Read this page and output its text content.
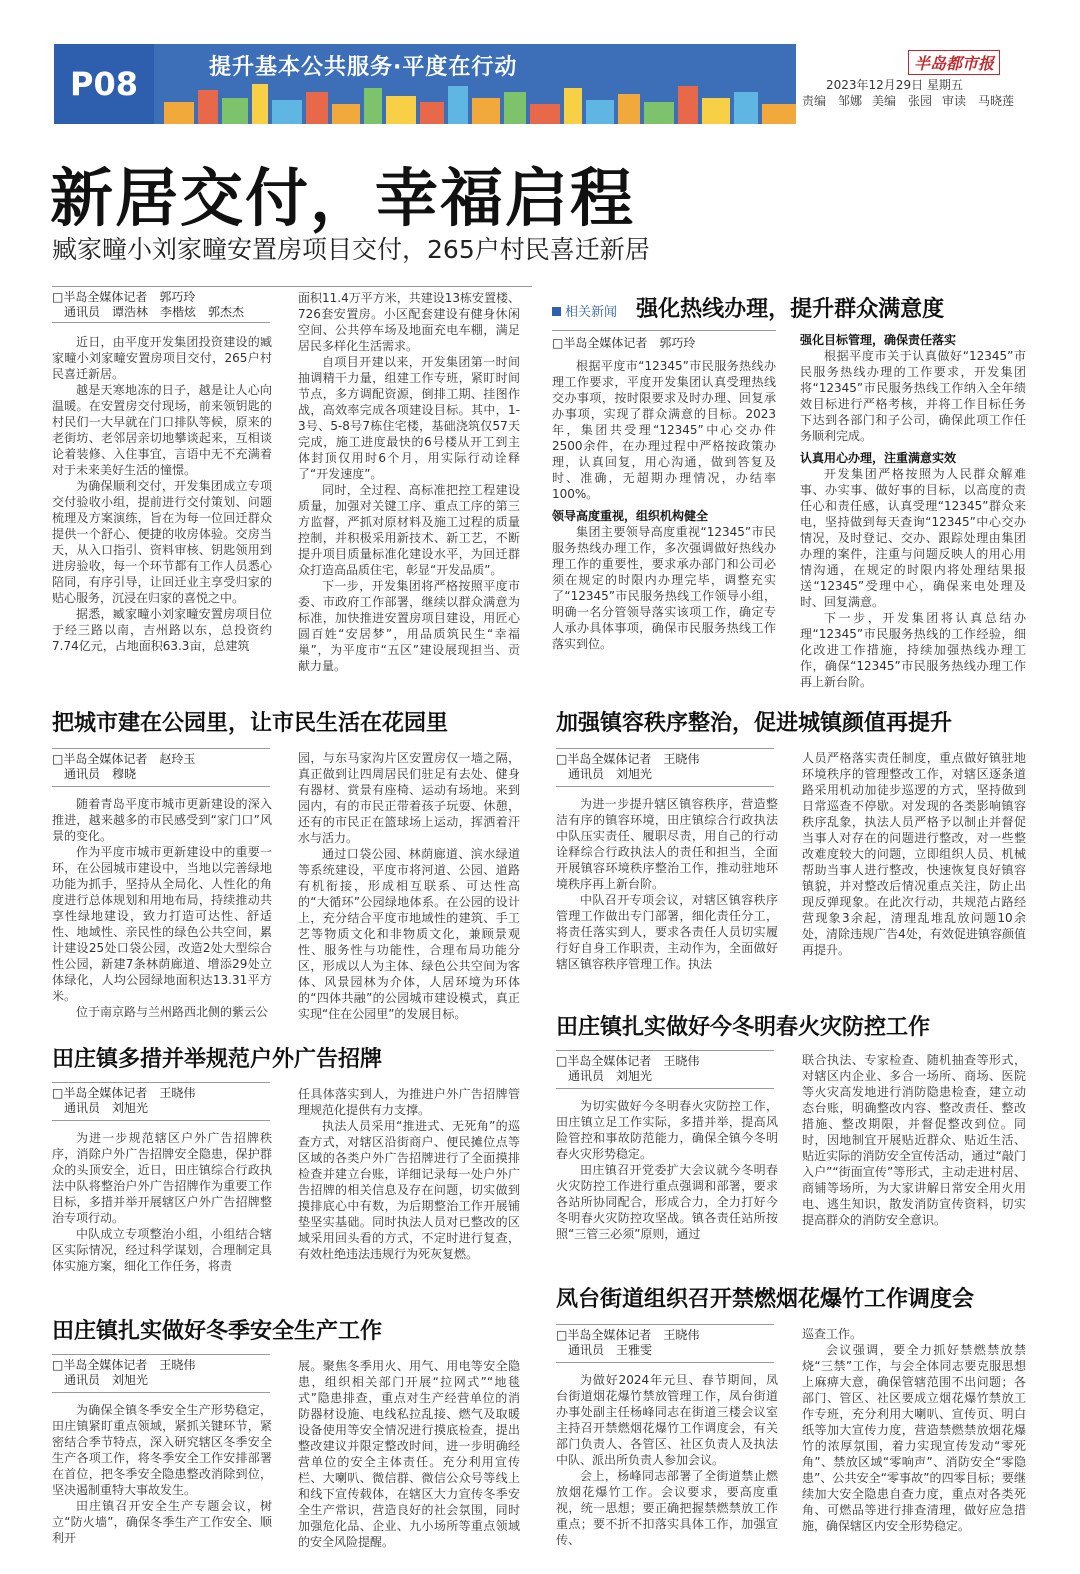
P08	提升基本公共服务·平度在行动	半岛都市报
2023年12月29日 星期五
责编　邹娜 美编　张园 审读　马晓莲
新居交付，幸福启程
臧家疃小刘家疃安置房项目交付，265户村民喜迁新居
□半岛全媒体记者　郭巧玲
　通讯员　谭浩林　李楷炫　郭杰杰

近日，由平度开发集团投资建设的臧家疃小刘家疃安置房项目交付，265户村民喜迁新居。

越是天寒地冻的日子，越是让人心向温暖。在安置房交付现场，前来领钥匙的村民们一大早就在门口排队等候，原来的老街坊、老邻居亲切地攀谈起来，互相谈论着装修、入住事宜，言语中无不充满着对于未来美好生活的憧憬。

为确保顺利交付，开发集团成立专项交付验收小组，提前进行交付策划、问题梳理及方案演练，旨在为每一位回迁群众提供一个舒心、便捷的收房体验。交房当天，从入口指引、资料审核、钥匙领用到进房验收，每一个环节都有工作人员悉心陪同，有序引导，让回迁业主享受归家的贴心服务，沉浸在归家的喜悦之中。

据悉，臧家疃小刘家疃安置房项目位于经三路以南，吉州路以东，总投资约7.74亿元，占地面积63.3亩，总建筑

面积11.4万平方米，共建设13栋安置楼、726套安置房。小区配套建设有健身休闲空间、公共停车场及地面充电车棚，满足居民多样化生活需求。

自项目开建以来，开发集团第一时间抽调精干力量，组建工作专班，紧盯时间节点，多方调配资源，倒排工期、挂图作战，高效率完成各项建设目标。其中，1-3号、5-8号7栋住宅楼，基础浇筑仅57天完成，施工进度最快的6号楼从开工到主体封顶仅用时6个月，用实际行动诠释了“开发速度”。

同时，全过程、高标准把控工程建设质量，加强对关键工序、重点工序的第三方监督，严抓对原材料及施工过程的质量控制，并积极采用新技术、新工艺，不断提升项目质量标准化建设水平，为回迁群众打造高品质住宅，彰显“开发品质”。

下一步，开发集团将严格按照平度市委、市政府工作部署，继续以群众满意为标准，加快推进安置房项目建设，用匠心圆百姓“安居梦”，用品质筑民生“幸福巢”，为平度市“五区”建设展现担当、贡献力量。

相关新闻 强化热线办理，提升群众满意度
□半岛全媒体记者　郭巧玲

根据平度市“12345”市民服务热线办理工作要求，平度开发集团认真受理热线交办事项，按时限要求及时办理、回复承办事项，实现了群众满意的目标。2023年，集团共受理“12345”中心交办件2500余件，在办理过程中严格按政策办理，认真回复，用心沟通，做到答复及时、准确，无超期办理情况，办结率100%。

领导高度重视，组织机构健全

集团主要领导高度重视“12345”市民服务热线办理工作，多次强调做好热线办理工作的重要性，要求承办部门和公司必须在规定的时限内办理完毕，调整充实了“12345”市民服务热线工作领导小组，明确一名分管领导落实该项工作，确定专人承办具体事项，确保市民服务热线工作落实到位。

强化目标管理，确保责任落实

根据平度市关于认真做好“12345”市民服务热线办理的工作要求，开发集团将“12345”市民服务热线工作纳入全年绩效目标进行严格考核，并将工作目标任务下达到各部门和子公司，确保此项工作任务顺利完成。

认真用心办理，注重满意实效

开发集团严格按照为人民群众解难事、办实事、做好事的目标，以高度的责任心和责任感，认真受理“12345”群众来电，坚持做到每天查询“12345”中心交办情况，及时登记、交办、跟踪处理由集团办理的案件，注重与问题反映人的用心用情沟通，在规定的时限内将处理结果报送“12345”受理中心，确保来电处理及时、回复满意。

下一步，开发集团将认真总结办理“12345”市民服务热线的工作经验，细化改进工作措施，持续加强热线办理工作，确保“12345”市民服务热线办理工作再上新台阶。

把城市建在公园里，让市民生活在花园里
□半岛全媒体记者　赵玲玉
　通讯员　穆晓

随着青岛平度市城市更新建设的深入推进，越来越多的市民感受到“家门口”风景的变化。

作为平度市城市更新建设中的重要一环，在公园城市建设中，当地以完善绿地功能为抓手，坚持从全局化、人性化的角度进行总体规划和用地布局，持续推动共享性绿地建设，致力打造可达性、舒适性、地域性、亲民性的绿色公共空间，累计建设25处口袋公园，改造2处大型综合性公园，新建7条林荫廊道、增添29处立体绿化，人均公园绿地面积达13.31平方米。

位于南京路与兰州路西北侧的紫云公

园，与东马家沟片区安置房仅一墙之隔，真正做到让四周居民们驻足有去处、健身有器材、赏景有座椅、运动有场地。来到园内，有的市民正带着孩子玩耍、休憩，还有的市民正在篮球场上运动，挥洒着汗水与活力。

通过口袋公园、林荫廊道、滨水绿道等系统建设，平度市将河道、公园、道路有机衔接，形成相互联系、可达性高的“大循环”公园绿地体系。在公园的设计上，充分结合平度市地域性的建筑、手工艺等物质文化和非物质文化，兼顾景观性、服务性与功能性，合理布局功能分区，形成以人为主体、绿色公共空间为客体、风景园林为介体，人居环境为环体的“四体共融”的公园城市建设模式，真正实现“住在公园里”的发展目标。

加强镇容秩序整治，促进城镇颜值再提升
□半岛全媒体记者　王晓伟
　通讯员　刘旭光

为进一步提升辖区镇容秩序，营造整洁有序的镇容环境，田庄镇综合行政执法中队压实责任、履职尽责，用自己的行动诠释综合行政执法人的责任和担当，全面开展镇容环境秩序整治工作，推动驻地环境秩序再上新台阶。

中队召开专项会议，对辖区镇容秩序管理工作做出专门部署，细化责任分工，将责任落实到人，要求各责任人员切实履行好自身工作职责，主动作为，全面做好辖区镇容秩序管理工作。执法

人员严格落实责任制度，重点做好镇驻地环境秩序的管理整改工作，对辖区逐条道路采用机动加徒步巡逻的方式，坚持做到日常巡查不停歇。对发现的各类影响镇容秩序乱象，执法人员严格予以制止并督促当事人对存在的问题进行整改，对一些整改难度较大的问题，立即组织人员、机械帮助当事人进行整改，快速恢复良好镇容镇貌，并对整改后情况重点关注，防止出现反弹现象。在此次行动，共规范占路经营现象3余起，清理乱堆乱放问题10余处，清除违规广告4处，有效促进镇容颜值再提升。

田庄镇多措并举规范户外广告招牌
□半岛全媒体记者　王晓伟
　通讯员　刘旭光

为进一步规范辖区户外广告招牌秩序，消除户外广告招牌安全隐患，保护群众的头顶安全，近日，田庄镇综合行政执法中队将整治户外广告招牌作为重要工作目标，多措并举开展辖区户外广告招牌整治专项行动。

中队成立专项整治小组，小组结合辖区实际情况，经过科学谋划，合理制定具体实施方案，细化工作任务，将责

任具体落实到人，为推进户外广告招牌管理规范化提供有力支撑。

执法人员采用“推进式、无死角”的巡查方式，对辖区沿街商户、便民摊位点等区域的各类户外广告招牌进行了全面摸排检查并建立台账，详细记录每一处户外广告招牌的相关信息及存在问题，切实做到摸排底心中有数，为后期整治工作开展铺垫坚实基础。同时执法人员对已整改的区域采用回头看的方式，不定时进行复查，有效杜绝违法违规行为死灰复燃。

田庄镇扎实做好今冬明春火灾防控工作
□半岛全媒体记者　王晓伟
　通讯员　刘旭光

为切实做好今冬明春火灾防控工作，田庄镇立足工作实际，多措并举，提高风险管控和事故防范能力，确保全镇今冬明春火灾形势稳定。

田庄镇召开党委扩大会议就今冬明春火灾防控工作进行重点强调和部署，要求各站所协同配合，形成合力，全力打好今冬明春火灾防控攻坚战。镇各责任站所按照“三管三必须”原则，通过

联合执法、专家检查、随机抽查等形式，对辖区内企业、多合一场所、商场、医院等火灾高发地进行消防隐患检查，建立动态台账，明确整改内容、整改责任、整改措施、整改期限，并督促整改到位。同时，因地制宜开展贴近群众、贴近生活、贴近实际的消防安全宣传活动，通过“敲门入户”“街面宣传”等形式，主动走进村居、商铺等场所，为大家讲解日常安全用火用电、逃生知识，散发消防宣传资料，切实提高群众的消防安全意识。

田庄镇扎实做好冬季安全生产工作
□半岛全媒体记者　王晓伟
　通讯员　刘旭光

为确保全镇冬季安全生产形势稳定，田庄镇紧盯重点领域，紧抓关键环节，紧密结合季节特点，深入研究辖区冬季安全生产各项工作，将冬季安全工作安排部署在首位，把冬季安全隐患整改消除到位，坚决遏制重特大事故发生。

田庄镇召开安全生产专题会议，树立“防火墙”，确保冬季生产工作安全、顺利开

展。聚焦冬季用火、用气、用电等安全隐患，组织相关部门开展“拉网式”“地毯式”隐患排查，重点对生产经营单位的消防器材设施、电线私拉乱接、燃气及取暖设备使用等安全情况进行摸底检查，提出整改建议并限定整改时间，进一步明确经营单位的安全主体责任。充分利用宣传栏、大喇叭、微信群、微信公众号等线上和线下宣传载体，在辖区大力宣传冬季安全生产常识，营造良好的社会氛围，同时加强危化品、企业、九小场所等重点领域的安全风险提醒。

凤台街道组织召开禁燃烟花爆竹工作调度会
□半岛全媒体记者　王晓伟
　通讯员　王雅雯

为做好2024年元旦、春节期间，凤台街道烟花爆竹禁放管理工作，凤台街道办事处副主任杨峰同志在街道三楼会议室主持召开禁燃烟花爆竹工作调度会，有关部门负责人、各管区、社区负责人及执法中队、派出所负责人参加会议。

会上，杨峰同志部署了全街道禁止燃放烟花爆竹工作。会议要求，要高度重视，统一思想；要正确把握禁燃禁放工作重点；要不折不扣落实具体工作，加强宣传、

巡查工作。

会议强调，要全力抓好禁燃禁放禁烧“三禁”工作，与会全体同志要克服思想上麻痹大意，确保管辖范围不出问题；各部门、管区、社区要成立烟花爆竹禁放工作专班，充分利用大喇叭、宣传页、明白纸等加大宣传力度，营造禁燃禁放烟花爆竹的浓厚氛围，着力实现宣传发动“零死角”、禁放区域“零响声”、消防安全“零隐患”、公共安全“零事故”的四零目标；要继续加大安全隐患自查力度，重点对各类死角、可燃品等进行排查清理，做好应急措施，确保辖区内安全形势稳定。
